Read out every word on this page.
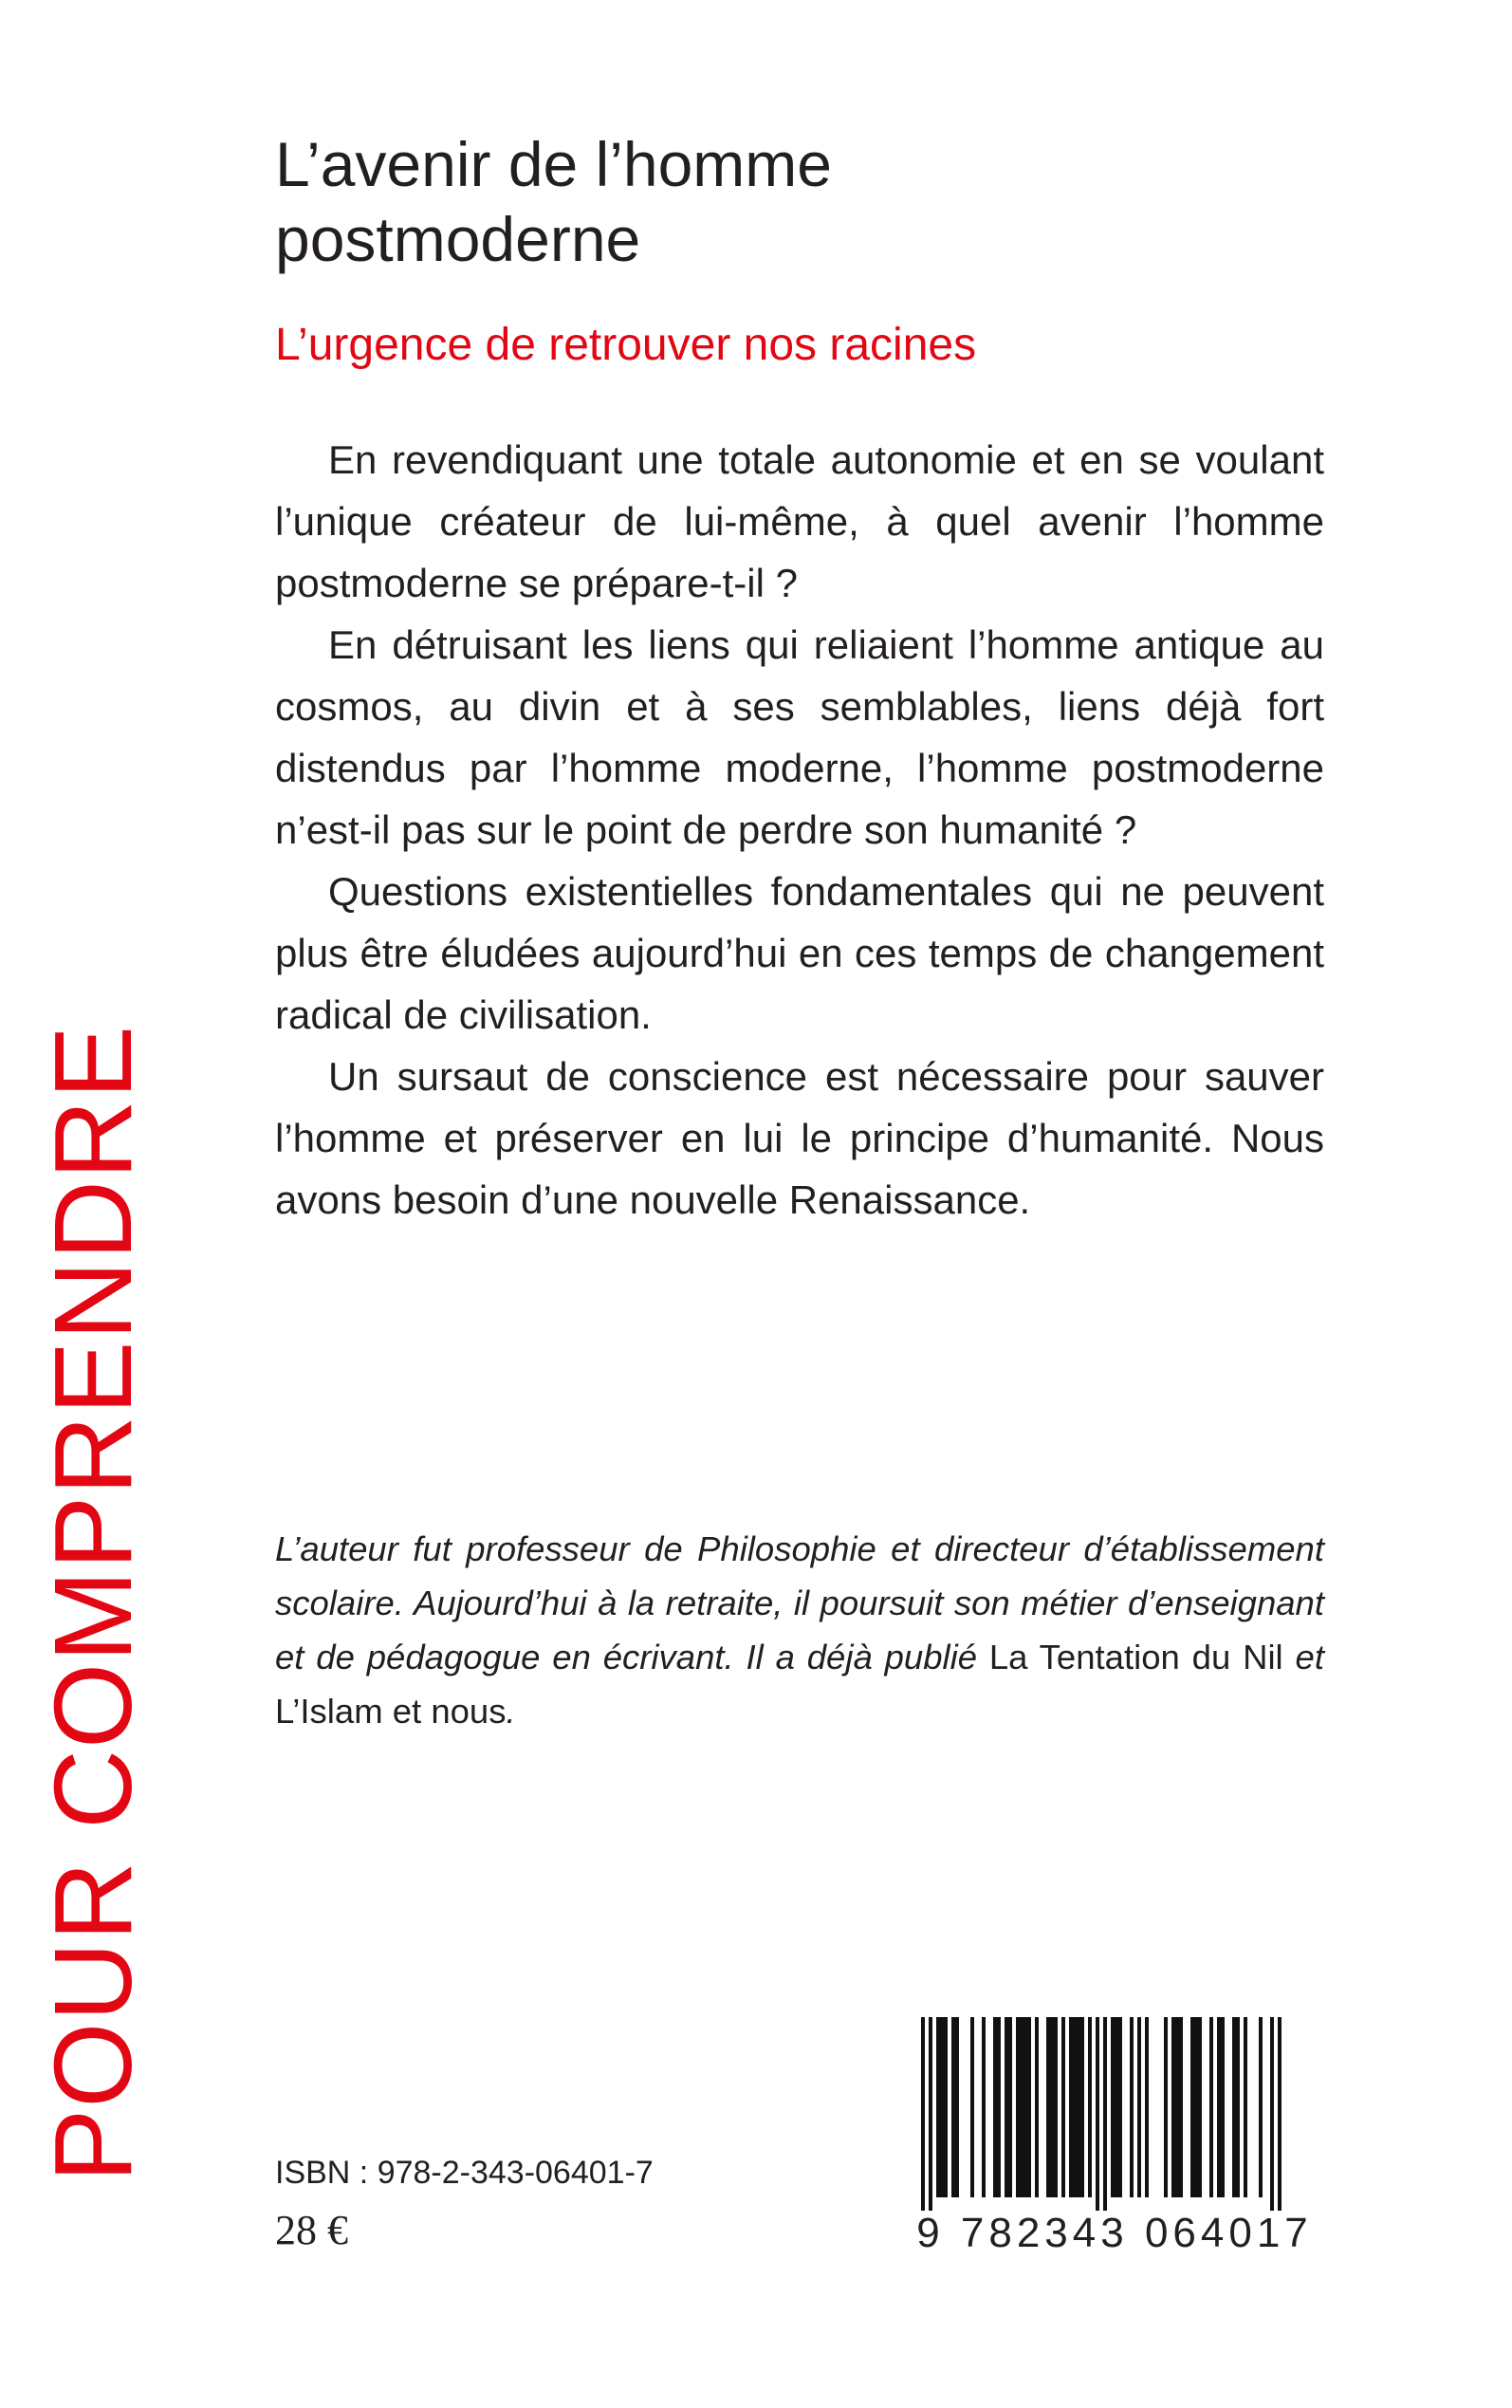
POUR COMPRENDRE
L’avenir de l’homme
postmoderne
L’urgence de retrouver nos racines

En revendiquant une totale autonomie et en se voulant l’unique créateur de lui-même, à quel avenir l’homme postmoderne se prépare-t-il ?

En détruisant les liens qui reliaient l’homme antique au cosmos, au divin et à ses semblables, liens déjà fort distendus par l’homme moderne, l’homme postmoderne n’est-il pas sur le point de perdre son humanité ?

Questions existentielles fondamentales qui ne peuvent plus être éludées aujourd’hui en ces temps de changement radical de civilisation.

Un sursaut de conscience est nécessaire pour sauver l’homme et préserver en lui le principe d’humanité. Nous avons besoin d’une nouvelle Renaissance.

L’auteur fut professeur de Philosophie et directeur d’établissement scolaire. Aujourd’hui à la retraite, il poursuit son métier d’enseignant et de pédagogue en écrivant. Il a déjà publié La Tentation du Nil et L’Islam et nous.
ISBN : 978-2-343-06401-7
28 €	9 782343 064017
